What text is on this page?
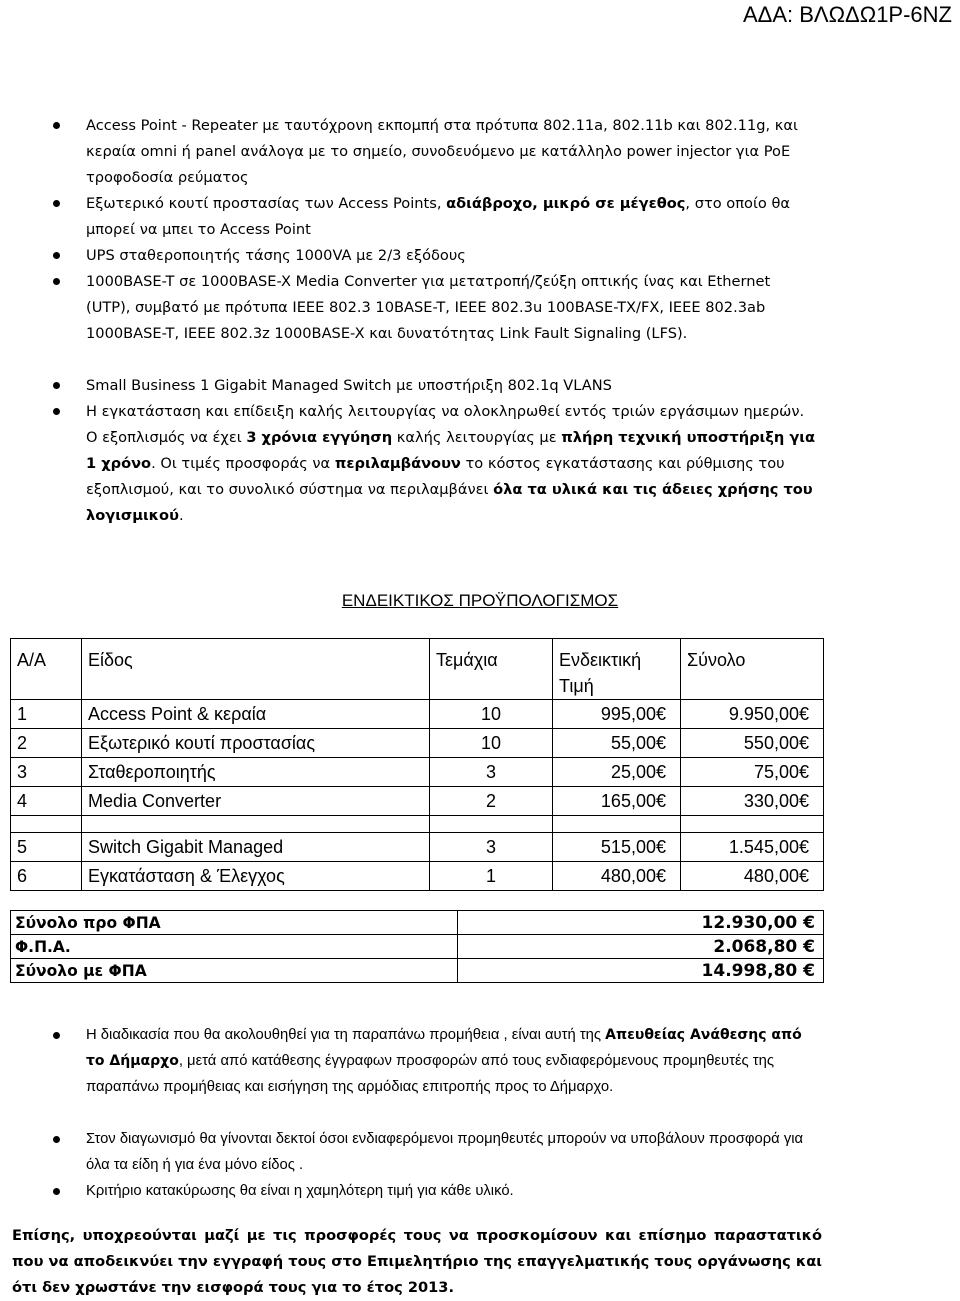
ΑΔΑ: ΒΛΩΔΩ1Ρ-6ΝΖ

Access Point - Repeater με ταυτόχρονη εκπομπή στα πρότυπα 802.11a, 802.11b και 802.11g, και κεραία omni ή panel ανάλογα με το σημείο, συνοδευόμενο με κατάλληλο power injector για PoE τροφοδοσία ρεύματος

Εξωτερικό κουτί προστασίας των Access Points, αδιάβροχο, μικρό σε μέγεθος, στο οποίο θα μπορεί να μπει το Access Point

UPS σταθεροποιητής τάσης 1000VA με 2/3 εξόδους

1000BASE-T σε 1000BASE-X Media Converter για μετατροπή/ζεύξη οπτικής ίνας και Ethernet (UTP), συμβατό με πρότυπα IEEE 802.3 10BASE-T, IEEE 802.3u 100BASE-TX/FX, IEEE 802.3ab 1000BASE-T, IEEE 802.3z 1000BASE-X και δυνατότητας Link Fault Signaling (LFS).

Small Business 1 Gigabit Managed Switch με υποστήριξη 802.1q VLANS

Η εγκατάσταση και επίδειξη καλής λειτουργίας να ολοκληρωθεί εντός τριών εργάσιμων ημερών. Ο εξοπλισμός να έχει 3 χρόνια εγγύηση καλής λειτουργίας με πλήρη τεχνική υποστήριξη για 1 χρόνο. Οι τιμές προσφοράς να περιλαμβάνουν το κόστος εγκατάστασης και ρύθμισης του εξοπλισμού, και το συνολικό σύστημα να περιλαμβάνει όλα τα υλικά και τις άδειες χρήσης του λογισμικού.

ΕΝΔΕΙΚΤΙΚΟΣ ΠΡΟΫΠΟΛΟΓΙΣΜΟΣ
Α/Α	Είδος	Τεμάχια	Ενδεικτική Τιμή	Σύνολο
1	Access Point & κεραία	10	995,00€	9.950,00€
2	Εξωτερικό κουτί προστασίας	10	55,00€	550,00€
3	Σταθεροποιητής	3	25,00€	75,00€
4	Media Converter	2	165,00€	330,00€

5	Switch Gigabit Managed	3	515,00€	1.545,00€
6	Εγκατάσταση & Έλεγχος	1	480,00€	480,00€
Σύνολο προ ΦΠΑ	12.930,00 €
Φ.Π.Α.	2.068,80 €
Σύνολο με ΦΠΑ	14.998,80 €

Η διαδικασία που θα ακολουθηθεί για τη παραπάνω προμήθεια , είναι αυτή της Απευθείας Ανάθεσης από το Δήμαρχο, μετά από κατάθεσης έγγραφων προσφορών από τους ενδιαφερόμενους προμηθευτές της παραπάνω προμήθειας και εισήγηση της αρμόδιας επιτροπής προς το Δήμαρχο.

Στον διαγωνισμό θα γίνονται δεκτοί όσοι ενδιαφερόμενοι προμηθευτές μπορούν να υποβάλουν προσφορά για όλα τα είδη ή για ένα μόνο είδος .

Κριτήριο κατακύρωσης θα είναι η χαμηλότερη τιμή για κάθε υλικό.

Επίσης, υποχρεούνται μαζί με τις προσφορές τους να προσκομίσουν και επίσημο παραστατικό που να αποδεικνύει την εγγραφή τους στο Επιμελητήριο της επαγγελματικής τους οργάνωσης και ότι δεν χρωστάνε την εισφορά τους για το έτος 2013.
